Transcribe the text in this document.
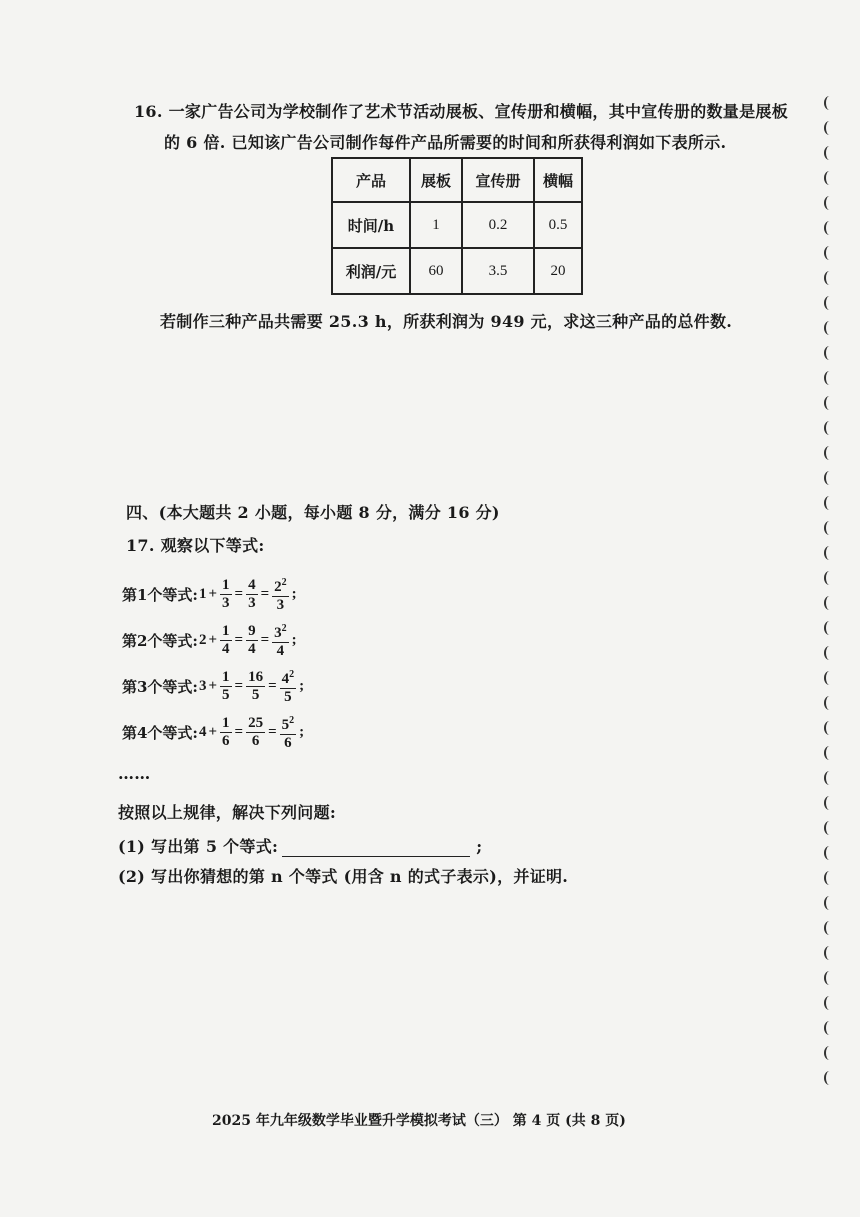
16. 一家广告公司为学校制作了艺术节活动展板、宣传册和横幅，其中宣传册的数量是展板
的 6 倍. 已知该广告公司制作每件产品所需要的时间和所获得利润如下表所示.
产品	展板	宣传册	横幅
时间/h	1	0.2	0.5
利润/元	60	3.5	20
若制作三种产品共需要 25.3 h，所获利润为 949 元，求这三种产品的总件数.
四、(本大题共 2 小题，每小题 8 分，满分 16 分)
17. 观察以下等式:
第1个等式: $1 + \frac{1}{3} = \frac{4}{3} = \frac{2^2}{3}$ ;
第2个等式: $2 + \frac{1}{4} = \frac{9}{4} = \frac{3^2}{4}$ ;
第3个等式: $3 + \frac{1}{5} = \frac{16}{5} = \frac{4^2}{5}$ ;
第4个等式: $4 + \frac{1}{6} = \frac{25}{6} = \frac{5^2}{6}$ ;
……
按照以上规律，解决下列问题:
(1) 写出第 5 个等式:	;
(2) 写出你猜想的第 n 个等式 (用含 n 的式子表示)，并证明.
2025 年九年级数学毕业暨升学模拟考试（三） 第 4 页 (共 8 页)
